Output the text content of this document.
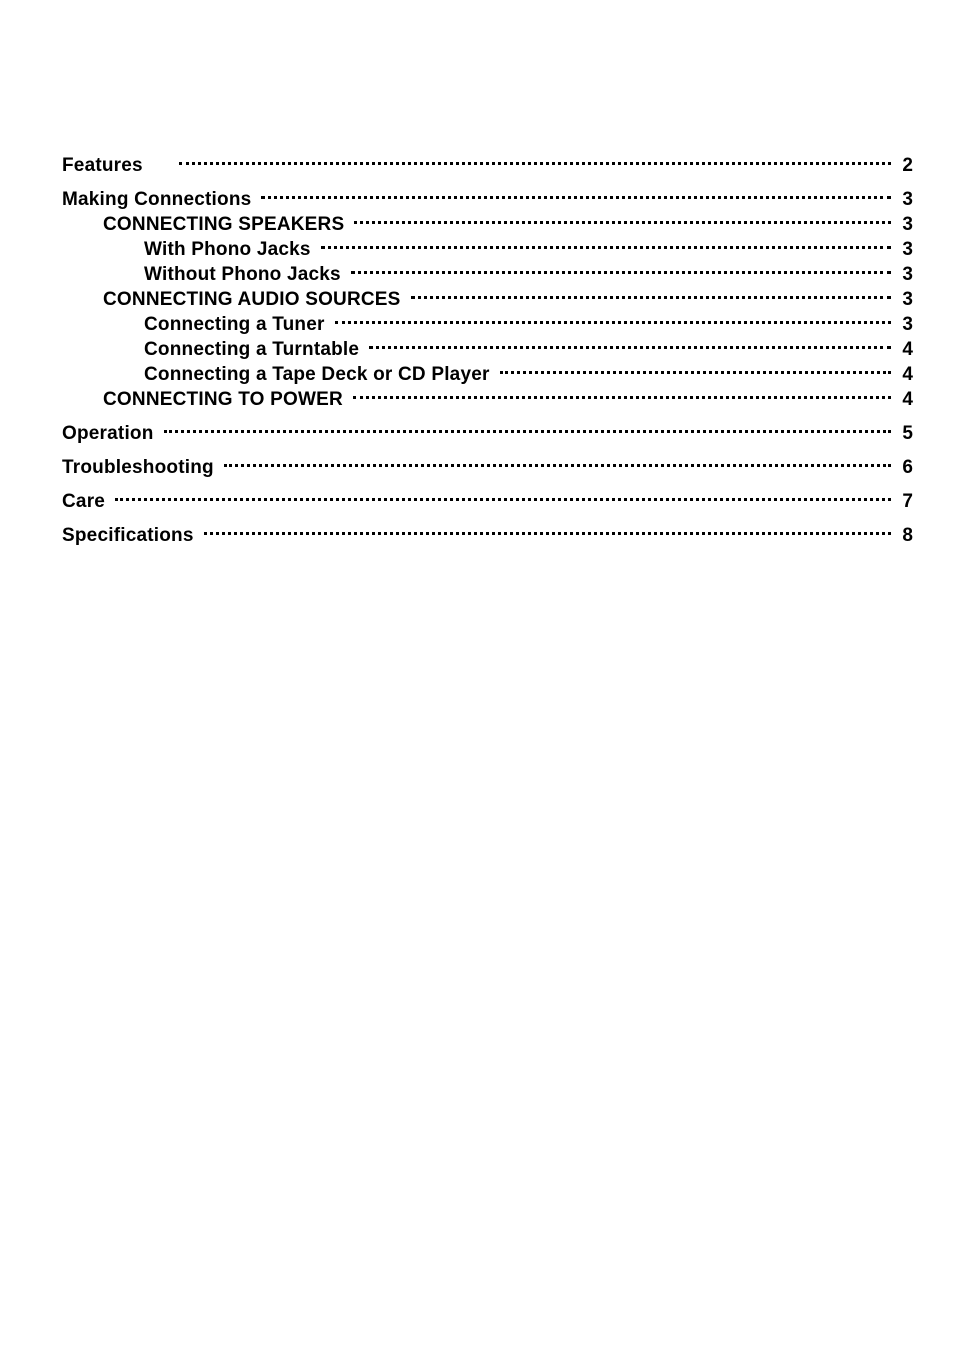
Features	2
Making Connections	3
CONNECTING SPEAKERS	3
With Phono Jacks	3
Without Phono Jacks	3
CONNECTING AUDIO SOURCES	3
Connecting a Tuner	3
Connecting a Turntable	4
Connecting a Tape Deck or CD Player	4
CONNECTING TO POWER	4
Operation	5
Troubleshooting	6
Care	7
Specifications	8
